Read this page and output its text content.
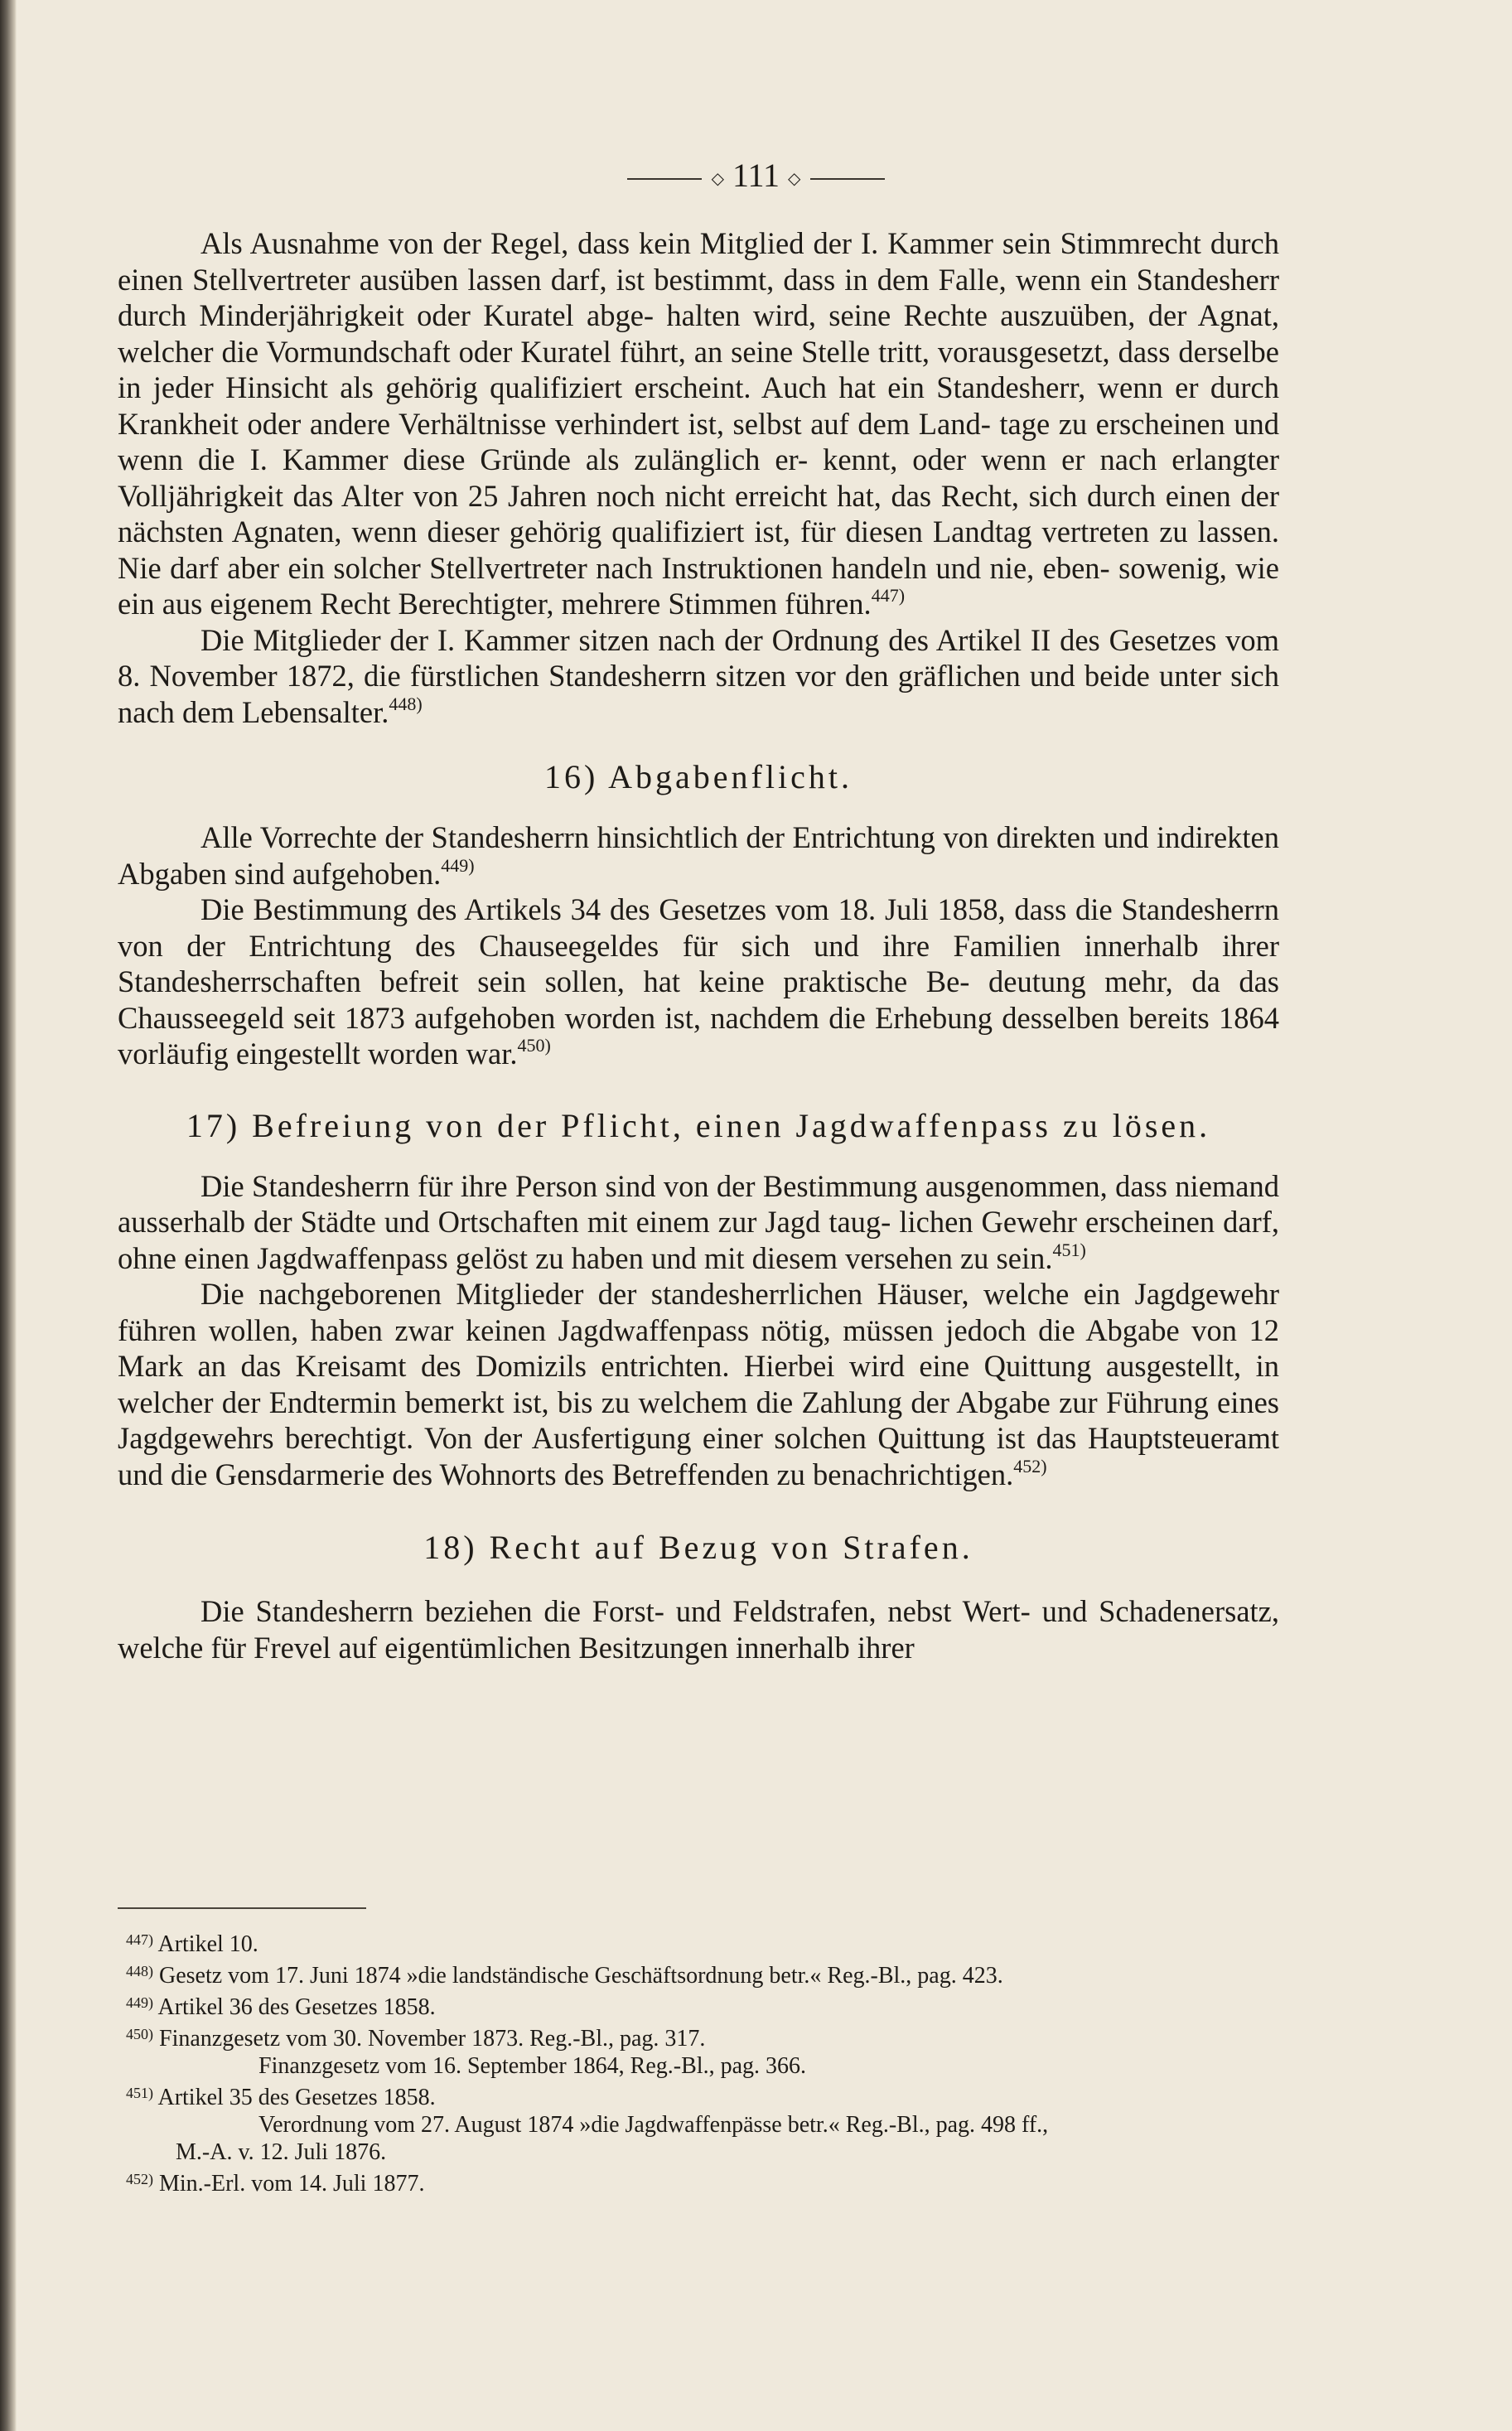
◇ 111 ◇

Als Ausnahme von der Regel, dass kein Mitglied der I. Kammer sein Stimmrecht durch einen Stellvertreter ausüben lassen darf, ist bestimmt, dass in dem Falle, wenn ein Standesherr durch Minderjährigkeit oder Kuratel abge- halten wird, seine Rechte auszuüben, der Agnat, welcher die Vormundschaft oder Kuratel führt, an seine Stelle tritt, vorausgesetzt, dass derselbe in jeder Hinsicht als gehörig qualifiziert erscheint. Auch hat ein Standesherr, wenn er durch Krankheit oder andere Verhältnisse verhindert ist, selbst auf dem Land- tage zu erscheinen und wenn die I. Kammer diese Gründe als zulänglich er- kennt, oder wenn er nach erlangter Volljährigkeit das Alter von 25 Jahren noch nicht erreicht hat, das Recht, sich durch einen der nächsten Agnaten, wenn dieser gehörig qualifiziert ist, für diesen Landtag vertreten zu lassen. Nie darf aber ein solcher Stellvertreter nach Instruktionen handeln und nie, eben- sowenig, wie ein aus eigenem Recht Berechtigter, mehrere Stimmen führen.$^{447)}$

Die Mitglieder der I. Kammer sitzen nach der Ordnung des Artikel II des Gesetzes vom 8. November 1872, die fürstlichen Standesherrn sitzen vor den gräflichen und beide unter sich nach dem Lebensalter.$^{448)}$

16) Abgabenflicht.

Alle Vorrechte der Standesherrn hinsichtlich der Entrichtung von direkten und indirekten Abgaben sind aufgehoben.$^{449)}$

Die Bestimmung des Artikels 34 des Gesetzes vom 18. Juli 1858, dass die Standesherrn von der Entrichtung des Chauseegeldes für sich und ihre Familien innerhalb ihrer Standesherrschaften befreit sein sollen, hat keine praktische Be- deutung mehr, da das Chausseegeld seit 1873 aufgehoben worden ist, nachdem die Erhebung desselben bereits 1864 vorläufig eingestellt worden war.$^{450)}$

17) Befreiung von der Pflicht, einen Jagdwaffenpass zu lösen.

Die Standesherrn für ihre Person sind von der Bestimmung ausgenommen, dass niemand ausserhalb der Städte und Ortschaften mit einem zur Jagd taug- lichen Gewehr erscheinen darf, ohne einen Jagdwaffenpass gelöst zu haben und mit diesem versehen zu sein.$^{451)}$

Die nachgeborenen Mitglieder der standesherrlichen Häuser, welche ein Jagdgewehr führen wollen, haben zwar keinen Jagdwaffenpass nötig, müssen jedoch die Abgabe von 12 Mark an das Kreisamt des Domizils entrichten. Hierbei wird eine Quittung ausgestellt, in welcher der Endtermin bemerkt ist, bis zu welchem die Zahlung der Abgabe zur Führung eines Jagdgewehrs berechtigt. Von der Ausfertigung einer solchen Quittung ist das Hauptsteueramt und die Gensdarmerie des Wohnorts des Betreffenden zu benachrichtigen.$^{452)}$

18) Recht auf Bezug von Strafen.

Die Standesherrn beziehen die Forst- und Feldstrafen, nebst Wert- und Schadenersatz, welche für Frevel auf eigentümlichen Besitzungen innerhalb ihrer

$^{447)}$ Artikel 10.
$^{448)}$ Gesetz vom 17. Juni 1874 »die landständische Geschäftsordnung betr.« Reg.-Bl., pag. 423.
$^{449)}$ Artikel 36 des Gesetzes 1858.
$^{450)}$ Finanzgesetz vom 30. November 1873. Reg.-Bl., pag. 317.
Finanzgesetz vom 16. September 1864, Reg.-Bl., pag. 366.
$^{451)}$ Artikel 35 des Gesetzes 1858.
Verordnung vom 27. August 1874 »die Jagdwaffenpässe betr.« Reg.-Bl., pag. 498 ff.,
M.-A. v. 12. Juli 1876.
$^{452)}$ Min.-Erl. vom 14. Juli 1877.
